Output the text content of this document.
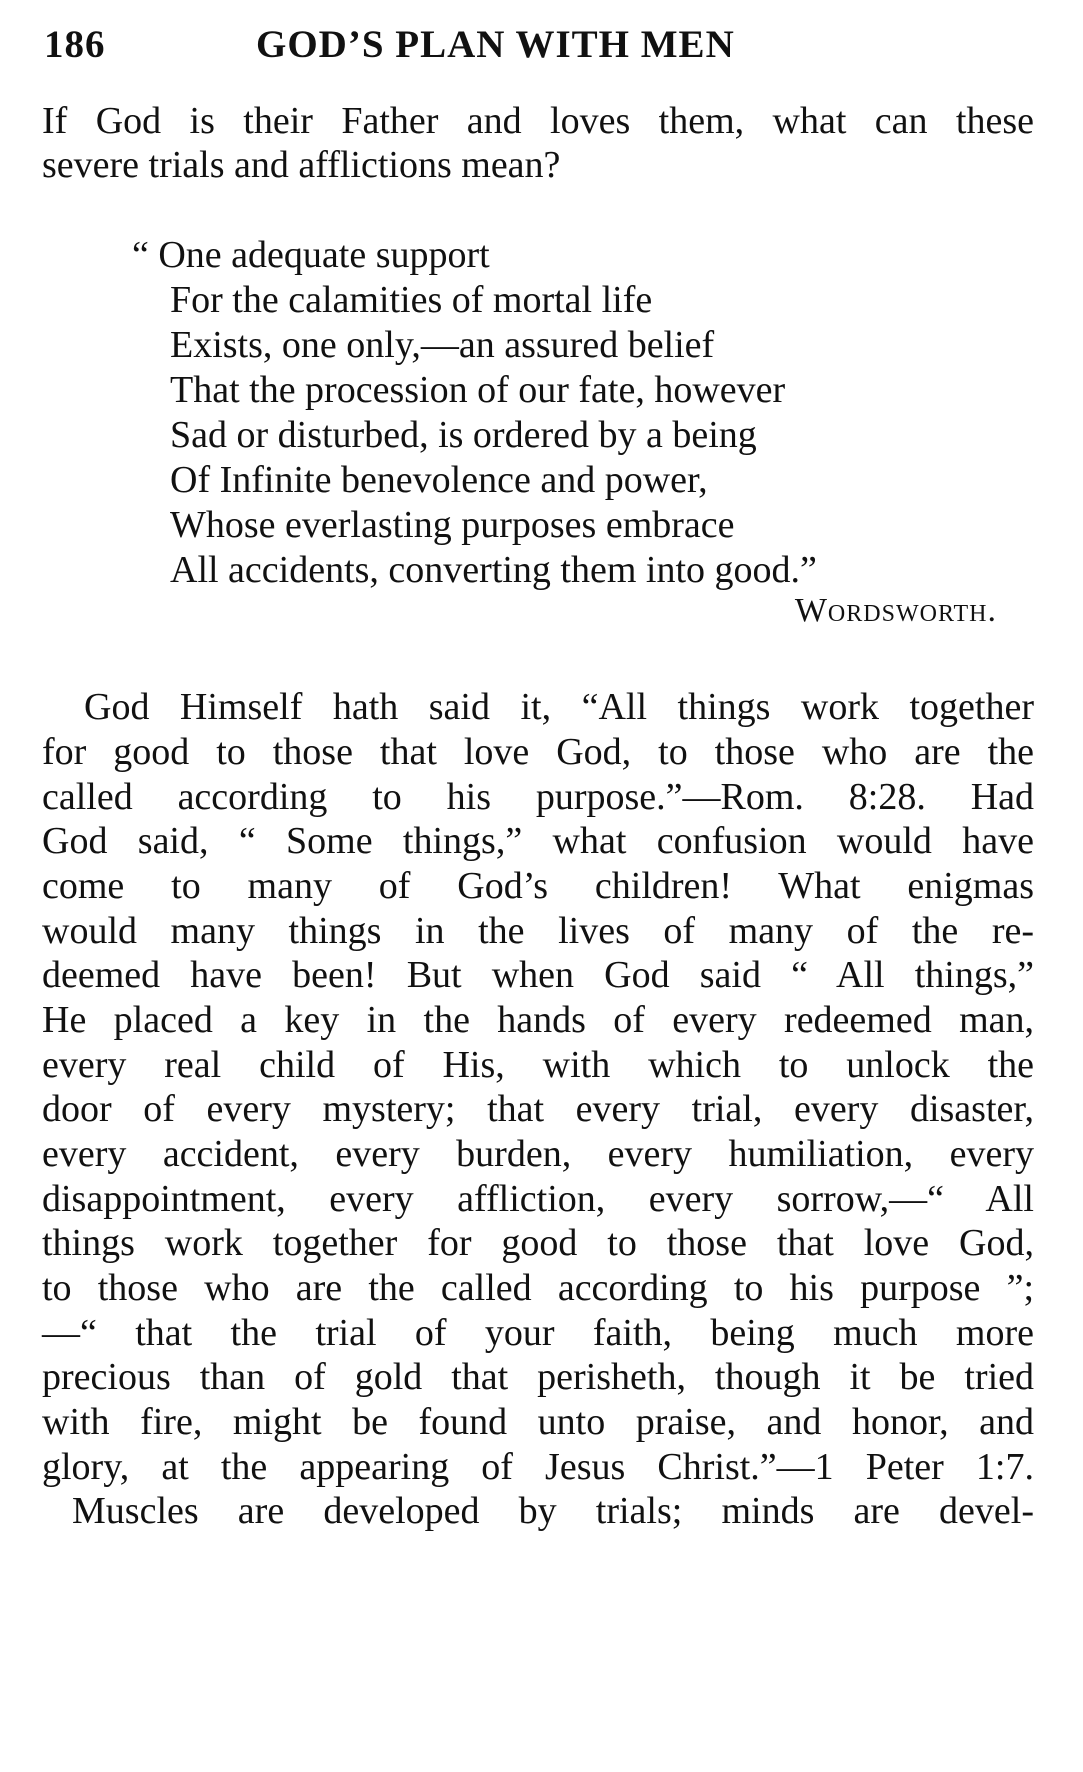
186	GOD’S PLAN WITH MEN
If God is their Father and loves them, what can these
severe trials and afflictions mean?
“ One adequate support
For the calamities of mortal life
Exists, one only,—an assured belief
That the procession of our fate, however
Sad or disturbed, is ordered by a being
Of Infinite benevolence and power,
Whose everlasting purposes embrace
All accidents, converting them into good.”
Wordsworth.
God Himself hath said it, “All things work together
for good to those that love God, to those who are the
called according to his purpose.”—Rom. 8:28. Had
God said, “ Some things,” what confusion would have
come to many of God’s children! What enigmas
would many things in the lives of many of the re-
deemed have been! But when God said “ All things,”
He placed a key in the hands of every redeemed man,
every real child of His, with which to unlock the
door of every mystery; that every trial, every disaster,
every accident, every burden, every humiliation, every
disappointment, every affliction, every sorrow,—“ All
things work together for good to those that love God,
to those who are the called according to his purpose ”;
—“ that the trial of your faith, being much more
precious than of gold that perisheth, though it be tried
with fire, might be found unto praise, and honor, and
glory, at the appearing of Jesus Christ.”—1 Peter 1:7.
Muscles are developed by trials; minds are devel-
